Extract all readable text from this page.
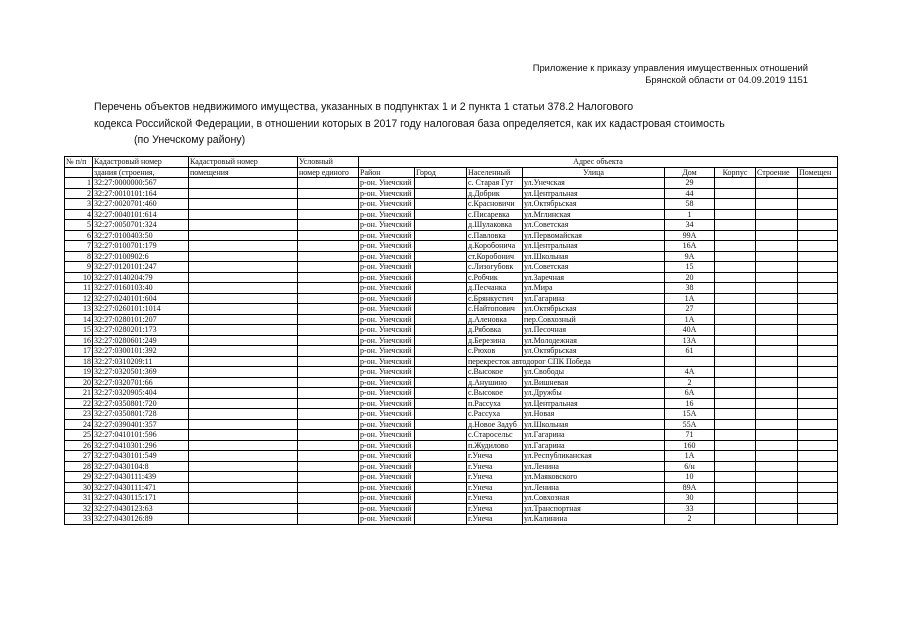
Приложение к приказу управления имущественных отношений
Брянской области от 04.09.2019 1151
Перечень объектов недвижимого имущества, указанных в подпунктах 1 и 2 пункта 1 статьи 378.2 Налогового
кодекса Российской Федерации, в отношении которых в 2017 году налоговая база определяется, как их кадастровая стоимость
(по Унечскому району)
№ п/п	Кадастровый номер	Кадастровый номер	Условный	Адрес объекта							
	здания (строения,	помещения	номер единого	Район	Город	Населенный	Улица	Дом	Корпус	Строение	Помещен
1	32:27:0000000:567			р-он. Унечский		с. Старая Гут	ул.Унечская	29			
2	32:27:0010101:164			р-он. Унечский		д.Добрик	ул.Центральная	44			
3	32:27:0020701:460			р-он. Унечский		с.Красновичи	ул.Октябрьская	58			
4	32:27:0040101:614			р-он. Унечский		с.Писаревка	ул.Мглинская	1			
5	32:27:0050701:324			р-он. Унечский		д.Шулаковка	ул.Советская	34			
6	32:27:0100403:50			р-он. Унечский		с.Павловка	ул.Первомайская	99А			
7	32:27:0100701:179			р-он. Унечский		д.Коробонича	ул.Центральная	16А			
8	32:27:0100902:6			р-он. Унечский		ст.Коробонич	ул.Школьная	9А			
9	32:27:0120101:247			р-он. Унечский		с.Лизогубовк	ул.Советская	15			
10	32:27:0140204:79			р-он. Унечский		с.Робчик	ул.Заречная	20			
11	32:27:0160103:40			р-он. Унечский		д.Песчанка	ул.Мира	38			
12	32:27:0240101:604			р-он. Унечский		с.Брянкустич	ул.Гагарина	1А			
13	32:27:0260101:1014			р-он. Унечский		с.Найтопович	ул.Октябрьская	27			
14	32:27:0280101:207			р-он. Унечский		д.Аленовка	пер.Совхозный	1А			
15	32:27:0280201:173			р-он. Унечский		д.Рябовка	ул.Песочная	40А			
16	32:27:0280601:249			р-он. Унечский		д.Березина	ул.Молодежная	13А			
17	32:27:0300101:392			р-он. Унечский		с.Рюхов	ул.Октябрьская	61			
18	32:27:0310209:11			р-он. Унечский		перекресток автодорог СПК Победа					
19	32:27:0320501:369			р-он. Унечский		с.Высокое	ул.Свободы	4А			
20	32:27:0320701:66			р-он. Унечский		д.Анушино	ул.Вишневая	2			
21	32:27:0320905:404			р-он. Унечский		с.Высокое	ул.Дружбы	6А			
22	32:27:0350801:720			р-он. Унечский		п.Рассуха	ул.Центральная	16			
23	32:27:0350801:728			р-он. Унечский		с.Рассуха	ул.Новая	15А			
24	32:27:0390401:357			р-он. Унечский		д.Новое Задуб	ул.Школьная	55А			
25	32:27:0410101:596			р-он. Унечский		с.Старосельс	ул.Гагарина	71			
26	32:27:0410301:296			р-он. Унечский		п.Жудилово	ул.Гагарина	160			
27	32:27:0430101:549			р-он. Унечский		г.Унеча	ул.Республиканская	1А			
28	32:27:0430104:8			р-он. Унечский		г.Унеча	ул.Ленина	6/н			
29	32:27:0430111:439			р-он. Унечский		г.Унеча	ул.Маяковского	10			
30	32:27:0430111:471			р-он. Унечский		г.Унеча	ул.Ленина	89А			
31	32:27:0430115:171			р-он. Унечский		г.Унеча	ул.Совхозная	30			
32	32:27:0430123:63			р-он. Унечский		г.Унеча	ул.Транспортная	33			
33	32:27:0430126:89			р-он. Унечский		г.Унеча	ул.Калинина	2			
